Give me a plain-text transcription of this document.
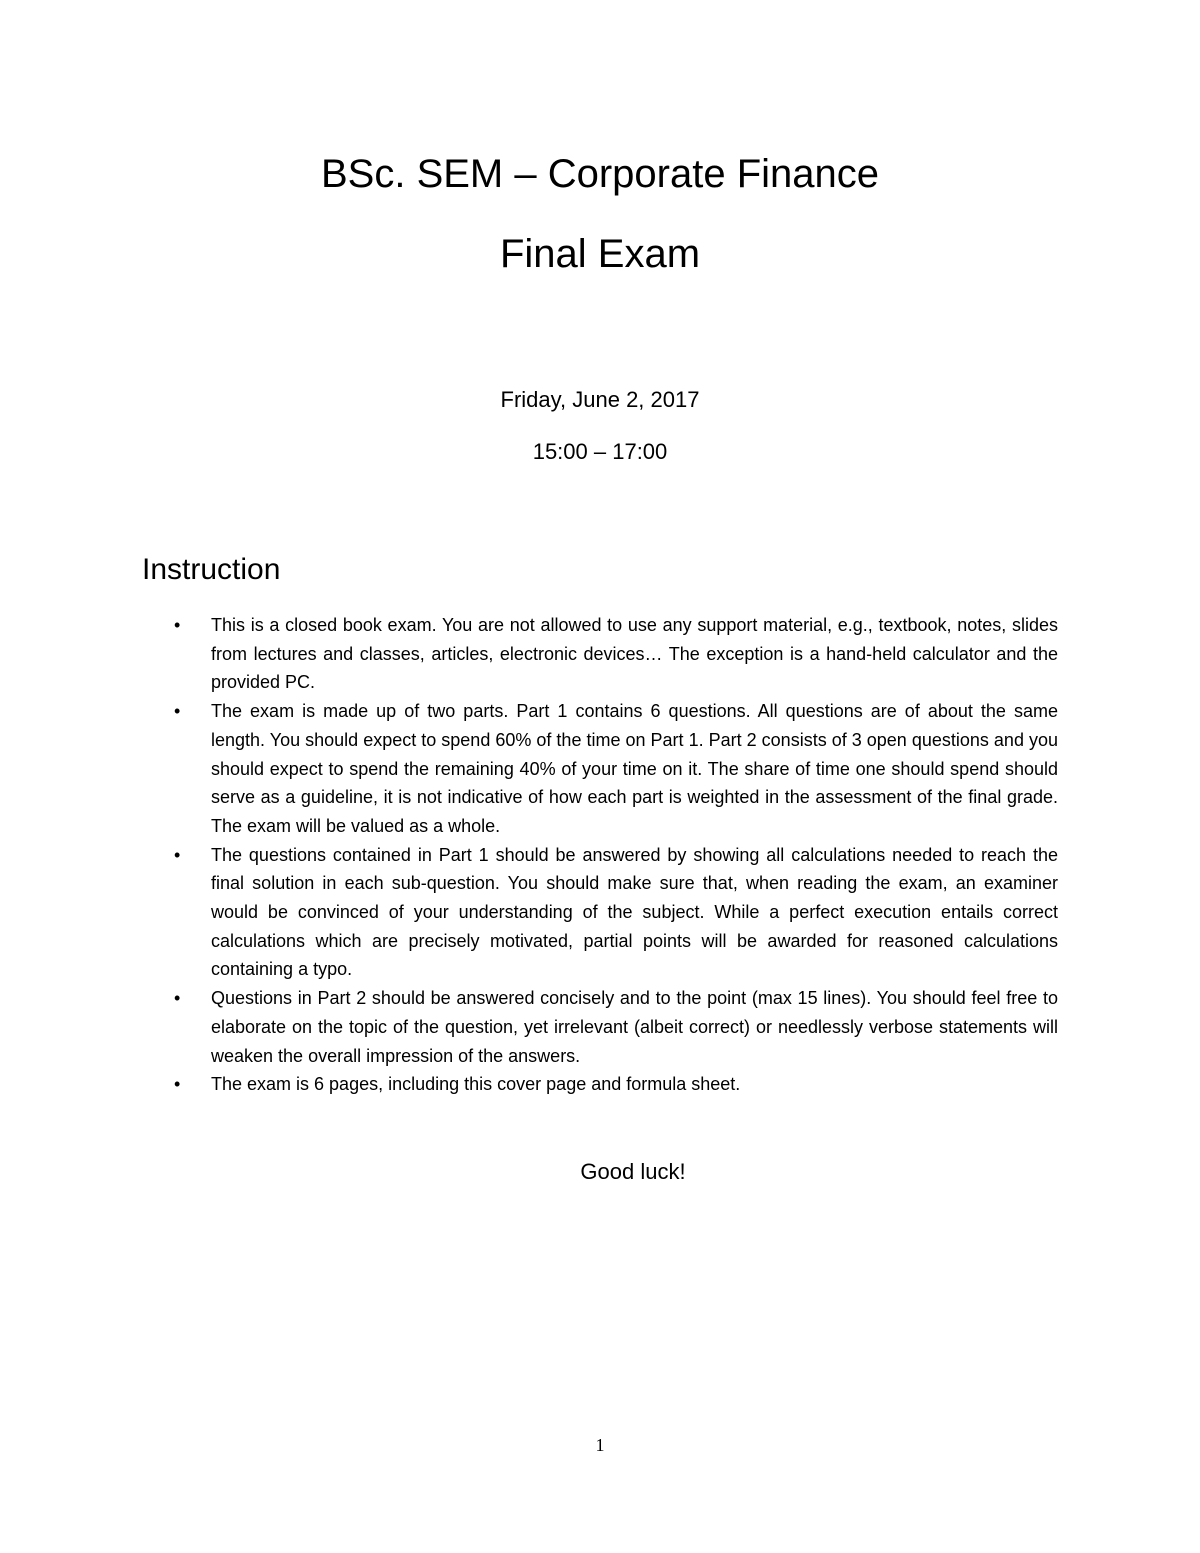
BSc. SEM – Corporate Finance
Final Exam

Friday, June 2, 2017

15:00 – 17:00

Instruction
• This is a closed book exam. You are not allowed to use any support material, e.g., textbook, notes, slides from lectures and classes, articles, electronic devices… The exception is a hand-held calculator and the provided PC.
• The exam is made up of two parts. Part 1 contains 6 questions. All questions are of about the same length. You should expect to spend 60% of the time on Part 1. Part 2 consists of 3 open questions and you should expect to spend the remaining 40% of your time on it. The share of time one should spend should serve as a guideline, it is not indicative of how each part is weighted in the assessment of the final grade. The exam will be valued as a whole.
• The questions contained in Part 1 should be answered by showing all calculations needed to reach the final solution in each sub-question. You should make sure that, when reading the exam, an examiner would be convinced of your understanding of the subject. While a perfect execution entails correct calculations which are precisely motivated, partial points will be awarded for reasoned calculations containing a typo.
• Questions in Part 2 should be answered concisely and to the point (max 15 lines). You should feel free to elaborate on the topic of the question, yet irrelevant (albeit correct) or needlessly verbose statements will weaken the overall impression of the answers.
• The exam is 6 pages, including this cover page and formula sheet.

Good luck!

1
